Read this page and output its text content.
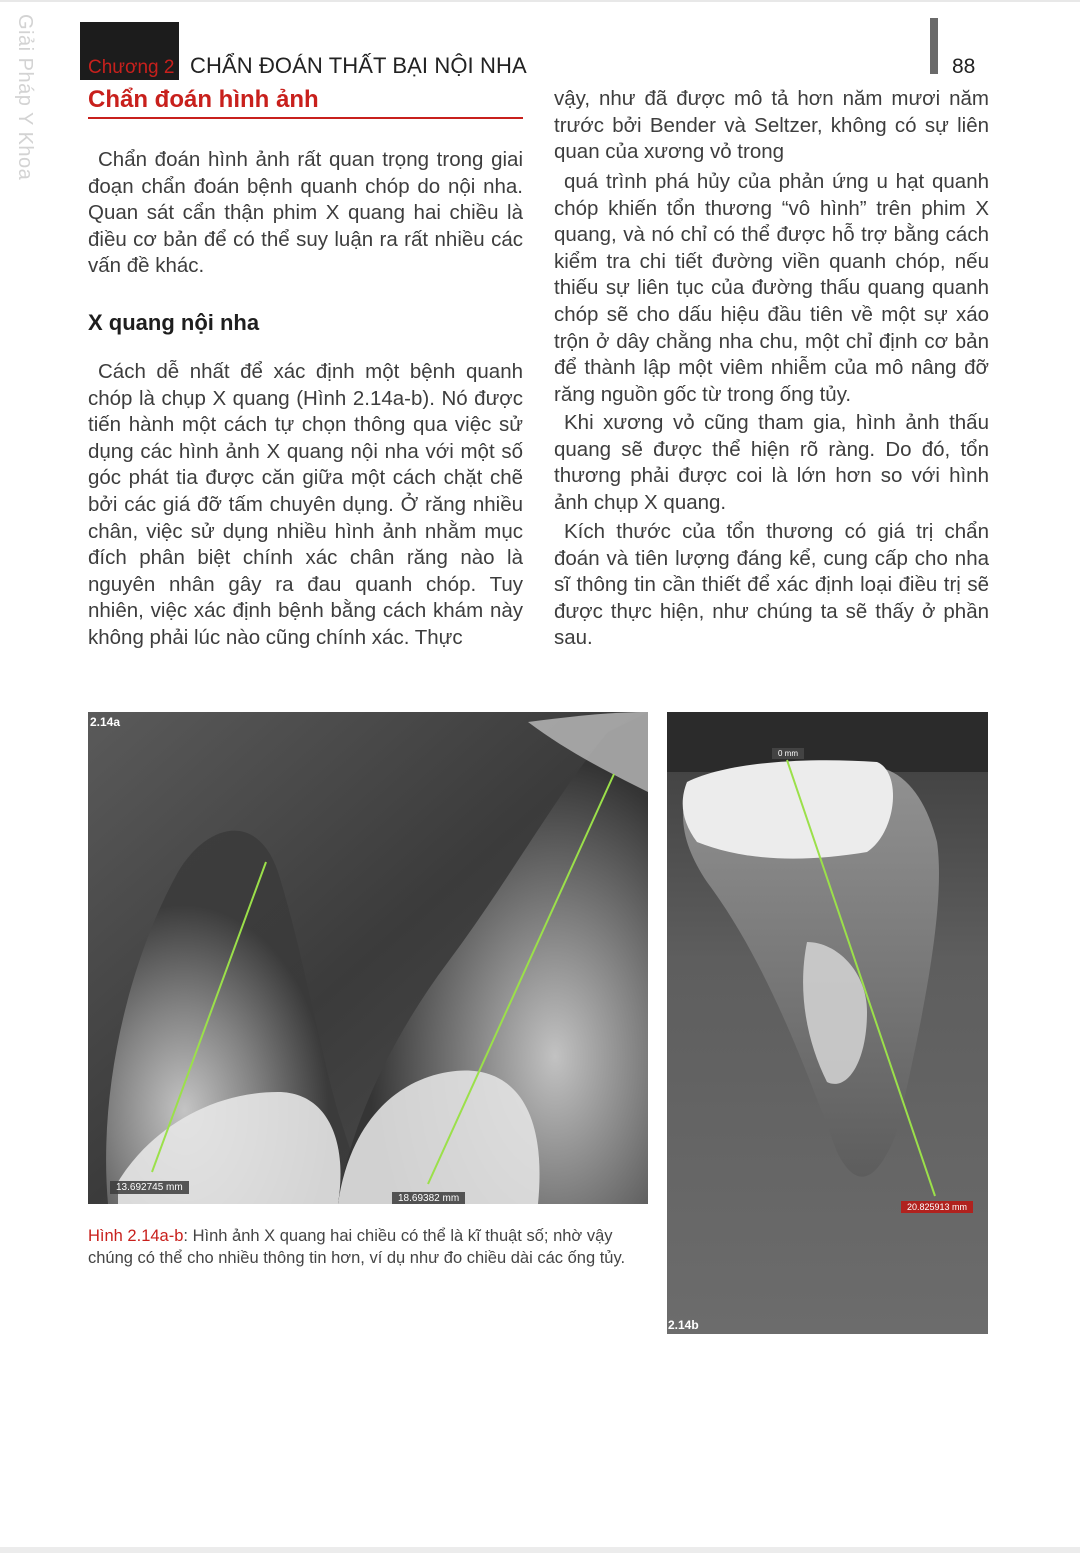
Giải Pháp Y Khoa	Chương 2 CHẨN ĐOÁN THẤT BẠI NỘI NHA	88
Chẩn đoán hình ảnh

Chẩn đoán hình ảnh rất quan trọng trong giai đoạn chẩn đoán bệnh quanh chóp do nội nha. Quan sát cẩn thận phim X quang hai chiều là điều cơ bản để có thể suy luận ra rất nhiều các vấn đề khác.

X quang nội nha

Cách dễ nhất để xác định một bệnh quanh chóp là chụp X quang (Hình 2.14a-b). Nó được tiến hành một cách tự chọn thông qua việc sử dụng các hình ảnh X quang nội nha với một số góc phát tia được căn giữa một cách chặt chẽ bởi các giá đỡ tấm chuyên dụng. Ở răng nhiều chân, việc sử dụng nhiều hình ảnh nhằm mục đích phân biệt chính xác chân răng nào là nguyên nhân gây ra đau quanh chóp. Tuy nhiên, việc xác định bệnh bằng cách khám này không phải lúc nào cũng chính xác. Thực

vậy, như đã được mô tả hơn năm mươi năm trước bởi Bender và Seltzer, không có sự liên quan của xương vỏ trong

quá trình phá hủy của phản ứng u hạt quanh chóp khiến tổn thương “vô hình” trên phim X quang, và nó chỉ có thể được hỗ trợ bằng cách kiểm tra chi tiết đường viền quanh chóp, nếu thiếu sự liên tục của đường thấu quang quanh chóp sẽ cho dấu hiệu đầu tiên về một sự xáo trộn ở dây chằng nha chu, một chỉ định cơ bản để thành lập một viêm nhiễm của mô nâng đỡ răng nguồn gốc từ trong ống tủy.

Khi xương vỏ cũng tham gia, hình ảnh thấu quang sẽ được thể hiện rõ ràng. Do đó, tổn thương phải được coi là lớn hơn so với hình ảnh chụp X quang.

Kích thước của tổn thương có giá trị chẩn đoán và tiên lượng đáng kể, cung cấp cho nha sĩ thông tin cần thiết để xác định loại điều trị sẽ được thực hiện, như chúng ta sẽ thấy ở phần sau.

2.14a
13.692745 mm
18.69382 mm
0 mm
20.825913 mm
2.14b

Hình 2.14a-b: Hình ảnh X quang hai chiều có thể là kĩ thuật số; nhờ vậy chúng có thể cho nhiều thông tin hơn, ví dụ như đo chiều dài các ống tủy.
